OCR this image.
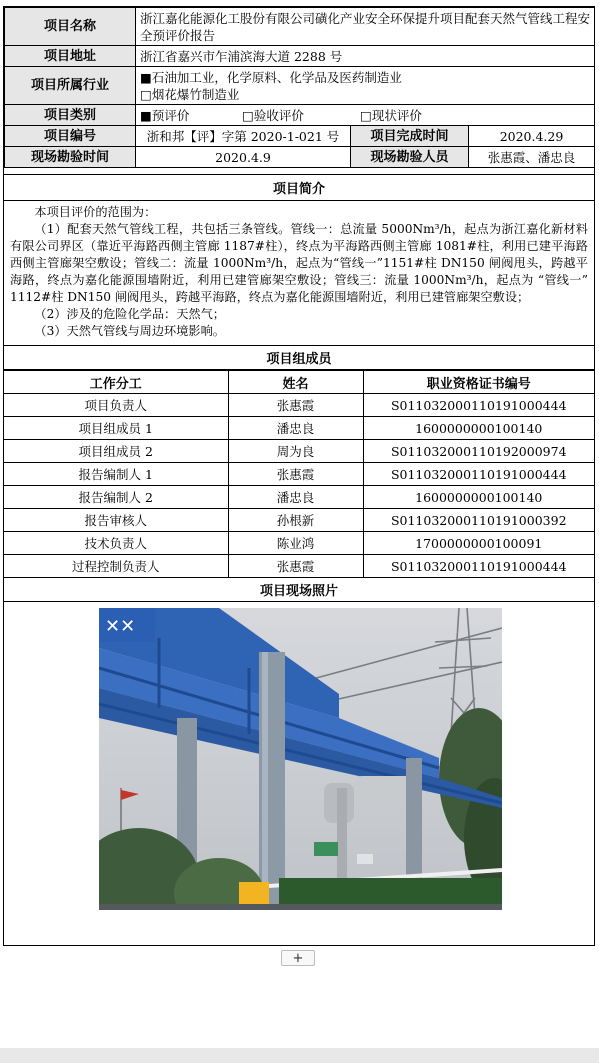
项目名称	浙江嘉化能源化工股份有限公司磺化产业安全环保提升项目配套天然气管线工程安全预评价报告		
项目地址	浙江省嘉兴市乍浦滨海大道 2288 号		
项目所属行业	■石油加工业，化学原料、化学品及医药制造业
□烟花爆竹制造业		

项目类别	■预评价 □验收评价 □现状评价		
项目编号	浙和邦【评】字第 2020-1-021 号	项目完成时间	2020.4.29
现场勘验时间	2020.4.9	现场勘验人员	张惠霞、潘忠良
项目简介

本项目评价的范围为：

（1）配套天然气管线工程，共包括三条管线。管线一：总流量 5000Nm³/h，起点为浙江嘉化新材料有限公司界区（靠近平海路西侧主管廊 1187#柱），终点为平海路西侧主管廊 1081#柱，利用已建平海路西侧主管廊架空敷设；管线二：流量 1000Nm³/h，起点为“管线一”1151#柱 DN150 闸阀甩头，跨越平海路，终点为嘉化能源围墙附近，利用已建管廊架空敷设；管线三：流量 1000Nm³/h，起点为 “管线一” 1112#柱 DN150 闸阀甩头，跨越平海路，终点为嘉化能源围墙附近，利用已建管廊架空敷设；

（2）涉及的危险化学品：天然气；

（3）天然气管线与周边环境影响。

项目组成员
工作分工	姓名	职业资格证书编号
项目负责人	张惠霞	S011032000110191000444
项目组成员 1	潘忠良	1600000000100140
项目组成员 2	周为良	S011032000110192000974
报告编制人 1	张惠霞	S011032000110191000444
报告编制人 2	潘忠良	1600000000100140
报告审核人	孙根新	S011032000110191000392
技术负责人	陈业鸿	1700000000100091
过程控制负责人	张惠霞	S011032000110191000444
项目现场照片
✕✕
+
